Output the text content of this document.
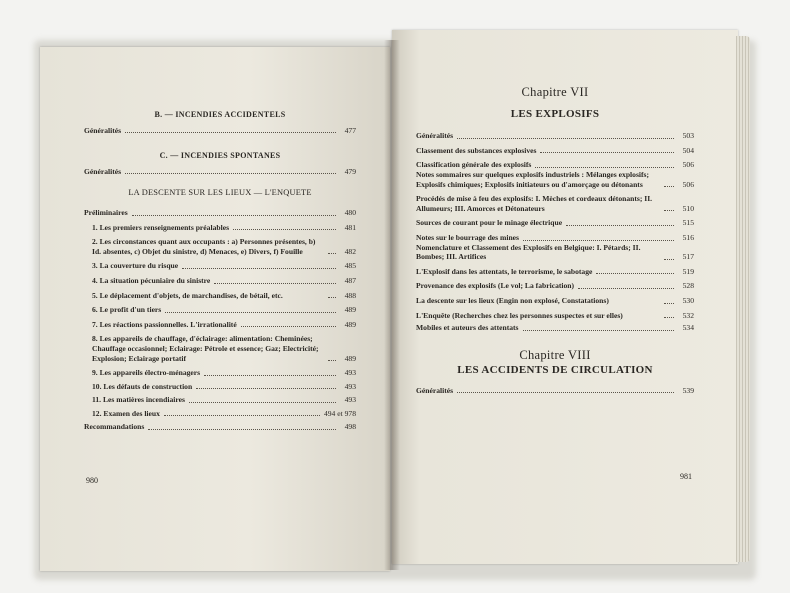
B. — INCENDIES ACCIDENTELS

Généralités	477

C. — INCENDIES SPONTANES

Généralités	479

LA DESCENTE SUR LES LIEUX — L'ENQUETE

Préliminaires	480
1. Les premiers renseignements préalables	481
2. Les circonstances quant aux occupants : a) Personnes présentes, b) Id. absentes, c) Objet du sinistre, d) Menaces, e) Divers, f) Fouille	482
3. La couverture du risque	485
4. La situation pécuniaire du sinistre	487
5. Le déplacement d'objets, de marchandises, de bétail, etc.	488
6. Le profit d'un tiers	489
7. Les réactions passionnelles. L'irrationalité	489
8. Les appareils de chauffage, d'éclairage: alimentation: Cheminées; Chauffage occasionnel; Eclairage: Pétrole et essence; Gaz; Electricité; Explosion; Eclairage portatif	489
9. Les appareils électro-ménagers	493
10. Les défauts de construction	493
11. Les matières incendiaires	493
12. Examen des lieux	494 et 978
Recommandations	498
980

Chapitre VII

LES EXPLOSIFS

Généralités	503
Classement des substances explosives	504
Classification générale des explosifs	506
Notes sommaires sur quelques explosifs industriels : Mélanges explosifs; Explosifs chimiques; Explosifs initiateurs ou d'amorçage ou détonants	506
Procédés de mise à feu des explosifs: I. Mèches et cordeaux détonants; II. Allumeurs; III. Amorces et Détonateurs	510
Sources de courant pour le minage électrique	515
Notes sur le bourrage des mines	516
Nomenclature et Classement des Explosifs en Belgique: I. Pétards; II. Bombes; III. Artifices	517
L'Explosif dans les attentats, le terrorisme, le sabotage	519
Provenance des explosifs (Le vol; La fabrication)	528
La descente sur les lieux (Engin non explosé, Constatations)	530
L'Enquête (Recherches chez les personnes suspectes et sur elles)	532
Mobiles et auteurs des attentats	534

Chapitre VIII

LES ACCIDENTS DE CIRCULATION

Généralités	539
981
